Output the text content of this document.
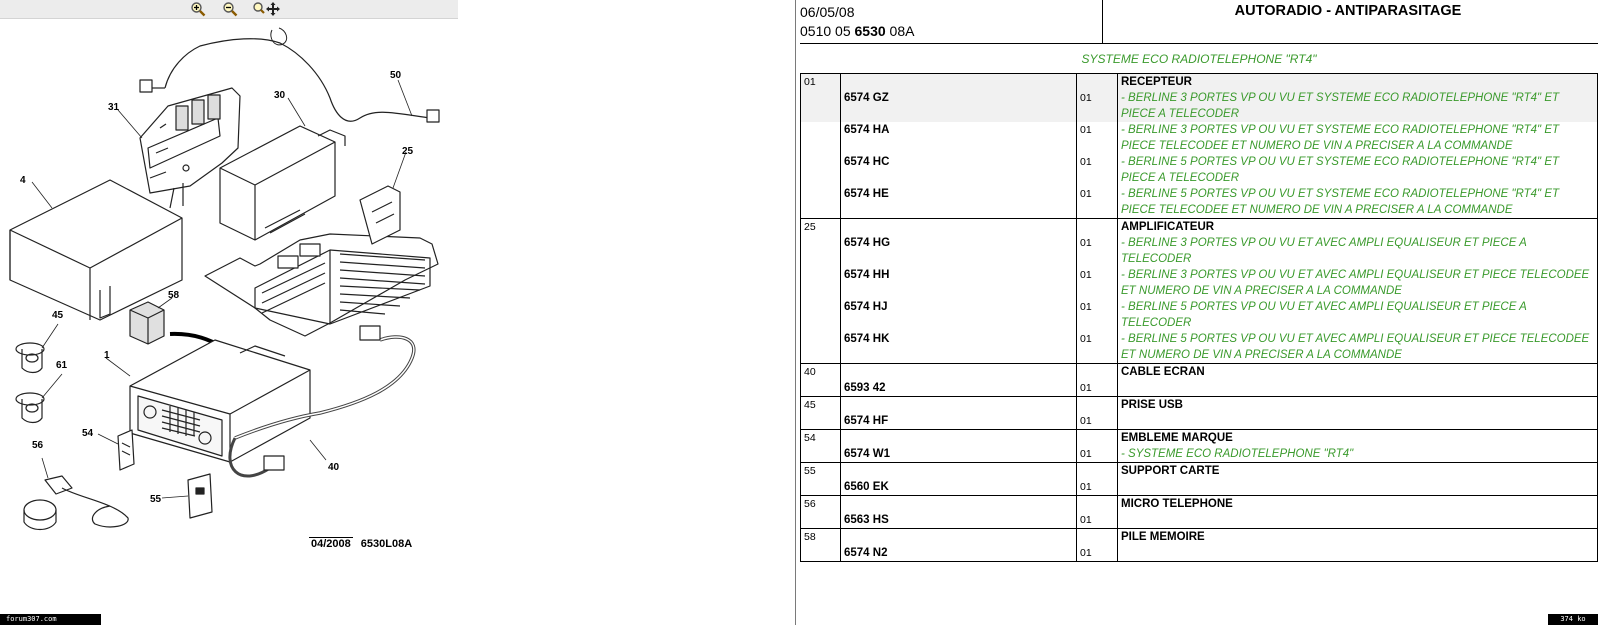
31
30
50
4
25
58
45
61
1
54
56
55
40
04/2008 6530L08A
06/05/08
0510 05 6530 08A
AUTORADIO - ANTIPARASITAGE
SYSTEME ECO RADIOTELEPHONE "RT4"
01			RECEPTEUR
	6574 GZ	01	- BERLINE 3 PORTES VP OU VU ET SYSTEME ECO RADIOTELEPHONE "RT4" ET PIECE A TELECODER
	6574 HA	01	- BERLINE 3 PORTES VP OU VU ET SYSTEME ECO RADIOTELEPHONE "RT4" ET PIECE TELECODEE ET NUMERO DE VIN A PRECISER A LA COMMANDE
	6574 HC	01	- BERLINE 5 PORTES VP OU VU ET SYSTEME ECO RADIOTELEPHONE "RT4" ET PIECE A TELECODER
	6574 HE	01	- BERLINE 5 PORTES VP OU VU ET SYSTEME ECO RADIOTELEPHONE "RT4" ET PIECE TELECODEE ET NUMERO DE VIN A PRECISER A LA COMMANDE
25			AMPLIFICATEUR
	6574 HG	01	- BERLINE 3 PORTES VP OU VU ET AVEC AMPLI EQUALISEUR ET PIECE A TELECODER
	6574 HH	01	- BERLINE 3 PORTES VP OU VU ET AVEC AMPLI EQUALISEUR ET PIECE TELECODEE ET NUMERO DE VIN A PRECISER A LA COMMANDE
	6574 HJ	01	- BERLINE 5 PORTES VP OU VU ET AVEC AMPLI EQUALISEUR ET PIECE A TELECODER
	6574 HK	01	- BERLINE 5 PORTES VP OU VU ET AVEC AMPLI EQUALISEUR ET PIECE TELECODEE ET NUMERO DE VIN A PRECISER A LA COMMANDE
40			CABLE ECRAN
	6593 42	01	
45			PRISE USB
	6574 HF	01	
54			EMBLEME MARQUE
	6574 W1	01	- SYSTEME ECO RADIOTELEPHONE "RT4"
55			SUPPORT CARTE
	6560 EK	01	
56			MICRO TELEPHONE
	6563 HS	01	
58			PILE MEMOIRE
	6574 N2	01	
forum307.com	374 ko
